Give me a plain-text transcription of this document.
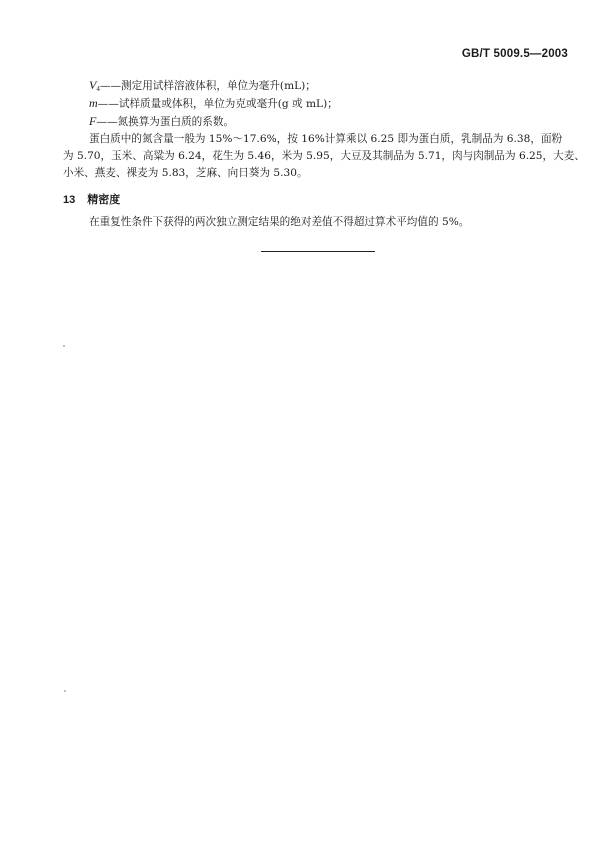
GB/T 5009.5—2003
$V_4——$测定用试样溶液体积，单位为毫升(mL)；
m——试样质量或体积，单位为克或毫升(g 或 mL)；
F——氮换算为蛋白质的系数。
蛋白质中的氮含量一般为 15%～17.6%，按 16%计算乘以 6.25 即为蛋白质，乳制品为 6.38，面粉
为 5.70，玉米、高粱为 6.24，花生为 5.46，米为 5.95，大豆及其制品为 5.71，肉与肉制品为 6.25，大麦、
小米、燕麦、裸麦为 5.83，芝麻、向日葵为 5.30。
13 精密度
在重复性条件下获得的两次独立测定结果的绝对差值不得超过算术平均值的 5%。
